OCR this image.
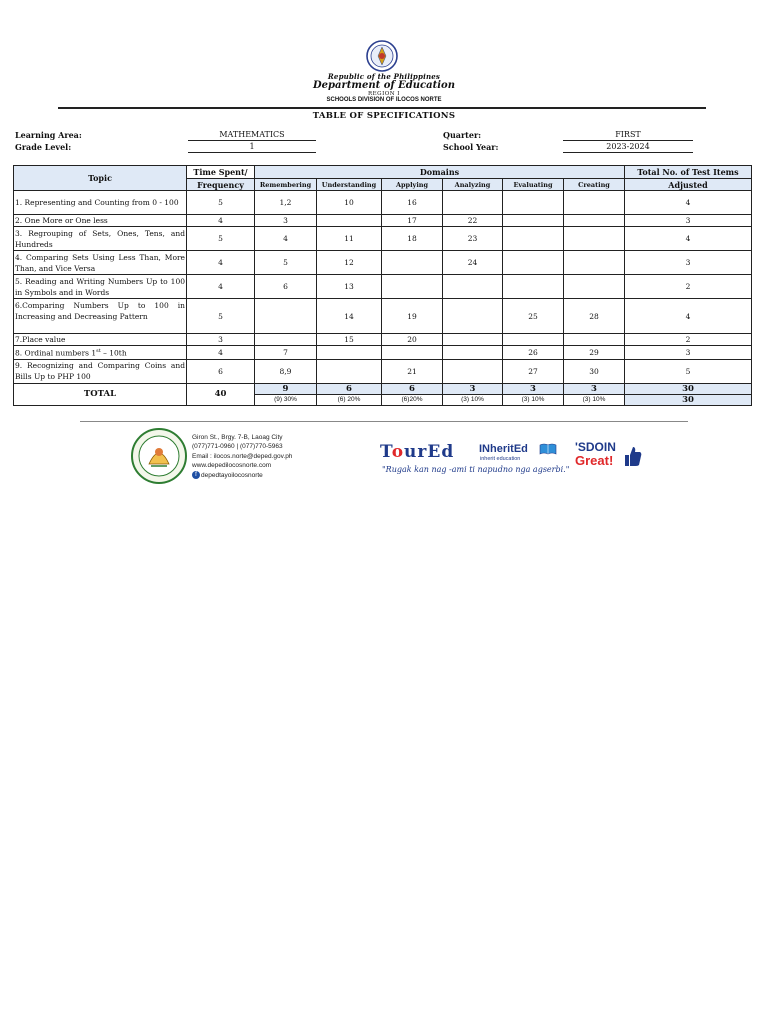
Republic of the Philippines
Department of Education
REGION I
SCHOOLS DIVISION OF ILOCOS NORTE
TABLE OF SPECIFICATIONS
Learning Area:	MATHEMATICS
Grade Level:	1
Quarter:	FIRST
School Year:	2023-2024
Topic	Time Spent/	Domains						Total No. of Test Items
	Frequency	Remembering	Understanding	Applying	Analyzing	Evaluating	Creating	Adjusted
1. Representing and Counting from 0 - 100	5	1,2	10	16				4
2. One More or One less	4	3		17	22			3
3. Regrouping of Sets, Ones, Tens, and Hundreds	5	4	11	18	23			4
4. Comparing Sets Using Less Than, More Than, and Vice Versa	4	5	12		24			3
5. Reading and Writing Numbers Up to 100 in Symbols and in Words	4	6	13					2
6.Comparing Numbers Up to 100 in Increasing and Decreasing Pattern	5		14	19		25	28	4
7.Place value	3		15	20				2
8. Ordinal numbers 1st – 10th	4	7				26	29	3
9. Recognizing and Comparing Coins and Bills Up to PHP 100	6	8,9		21		27	30	5
TOTAL	40	9	6	6	3	3	3	30
		(9) 30%	(6) 20%	(6)20%	(3) 10%	(3) 10%	(3) 10%	30
Giron St., Brgy. 7-B, Laoag City
(077)771-0960 | (077)770-5963
Email : ilocos.norte@deped.gov.ph
www.depedilocosnorte.com
f depedtayoilocosnorte
TourEd INheritEd
inherit education
"Rugak kan nag -ami ti napudno nga agserbi."
'SDOIN
Great!
